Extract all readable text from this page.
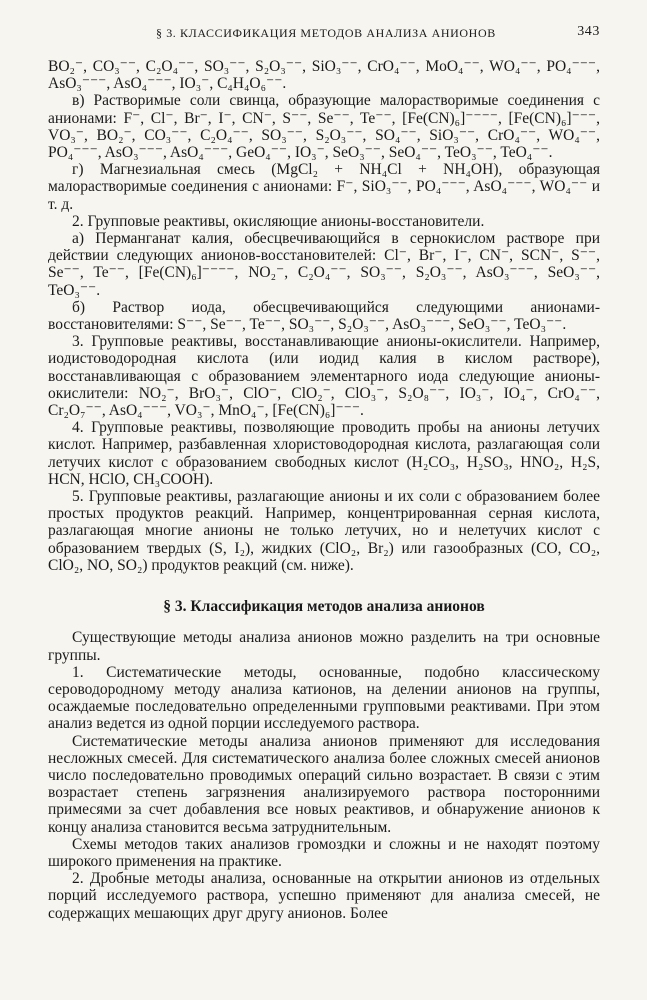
§ 3. КЛАССИФИКАЦИЯ МЕТОДОВ АНАЛИЗА АНИОНОВ	343

BO₂⁻, CO₃⁻⁻, C₂O₄⁻⁻, SO₃⁻⁻, S₂O₃⁻⁻, SiO₃⁻⁻, CrO₄⁻⁻, MoO₄⁻⁻, WO₄⁻⁻, PO₄⁻⁻⁻, AsO₃⁻⁻⁻, AsO₄⁻⁻⁻, IO₃⁻, C₄H₄O₆⁻⁻.

в) Растворимые соли свинца, образующие малорастворимые соединения с анионами: F⁻, Cl⁻, Br⁻, I⁻, CN⁻, S⁻⁻, Se⁻⁻, Te⁻⁻, [Fe(CN)₆]⁻⁻⁻⁻, [Fe(CN)₆]⁻⁻⁻, VO₃⁻, BO₂⁻, CO₃⁻⁻, C₂O₄⁻⁻, SO₃⁻⁻, S₂O₃⁻⁻, SO₄⁻⁻, SiO₃⁻⁻, CrO₄⁻⁻, WO₄⁻⁻, PO₄⁻⁻⁻, AsO₃⁻⁻⁻, AsO₄⁻⁻⁻, GeO₄⁻⁻, IO₃⁻, SeO₃⁻⁻, SeO₄⁻⁻, TeO₃⁻⁻, TeO₄⁻⁻.

г) Магнезиальная смесь (MgCl₂ + NH₄Cl + NH₄OH), образующая малорастворимые соединения с анионами: F⁻, SiO₃⁻⁻, PO₄⁻⁻⁻, AsO₄⁻⁻⁻, WO₄⁻⁻ и т. д.

2. Групповые реактивы, окисляющие анионы-восстановители.

а) Перманганат калия, обесцвечивающийся в сернокислом растворе при действии следующих анионов-восстановителей: Cl⁻, Br⁻, I⁻, CN⁻, SCN⁻, S⁻⁻, Se⁻⁻, Te⁻⁻, [Fe(CN)₆]⁻⁻⁻⁻, NO₂⁻, C₂O₄⁻⁻, SO₃⁻⁻, S₂O₃⁻⁻, AsO₃⁻⁻⁻, SeO₃⁻⁻, TeO₃⁻⁻.

б) Раствор иода, обесцвечивающийся следующими анионами-восстановителями: S⁻⁻, Se⁻⁻, Te⁻⁻, SO₃⁻⁻, S₂O₃⁻⁻, AsO₃⁻⁻⁻, SeO₃⁻⁻, TeO₃⁻⁻.

3. Групповые реактивы, восстанавливающие анионы-окислители. Например, иодистоводородная кислота (или иодид калия в кислом растворе), восстанавливающая с образованием элементарного иода следующие анионы-окислители: NO₂⁻, BrO₃⁻, ClO⁻, ClO₂⁻, ClO₃⁻, S₂O₈⁻⁻, IO₃⁻, IO₄⁻, CrO₄⁻⁻, Cr₂O₇⁻⁻, AsO₄⁻⁻⁻, VO₃⁻, MnO₄⁻, [Fe(CN)₆]⁻⁻⁻.

4. Групповые реактивы, позволяющие проводить пробы на анионы летучих кислот. Например, разбавленная хлористоводородная кислота, разлагающая соли летучих кислот с образованием свободных кислот (H₂CO₃, H₂SO₃, HNO₂, H₂S, HCN, HClO, CH₃COOH).

5. Групповые реактивы, разлагающие анионы и их соли с образованием более простых продуктов реакций. Например, концентрированная серная кислота, разлагающая многие анионы не только летучих, но и нелетучих кислот с образованием твердых (S, I₂), жидких (ClO₂, Br₂) или газообразных (CO, CO₂, ClO₂, NO, SO₂) продуктов реакций (см. ниже).

§ 3. Классификация методов анализа анионов

Существующие методы анализа анионов можно разделить на три основные группы.

1. Систематические методы, основанные, подобно классическому сероводородному методу анализа катионов, на делении анионов на группы, осаждаемые последовательно определенными групповыми реактивами. При этом анализ ведется из одной порции исследуемого раствора.

Систематические методы анализа анионов применяют для исследования несложных смесей. Для систематического анализа более сложных смесей анионов число последовательно проводимых операций сильно возрастает. В связи с этим возрастает степень загрязнения анализируемого раствора посторонними примесями за счет добавления все новых реактивов, и обнаружение анионов к концу анализа становится весьма затруднительным.

Схемы методов таких анализов громоздки и сложны и не находят поэтому широкого применения на практике.

2. Дробные методы анализа, основанные на открытии анионов из отдельных порций исследуемого раствора, успешно применяют для анализа смесей, не содержащих мешающих друг другу анионов. Более
